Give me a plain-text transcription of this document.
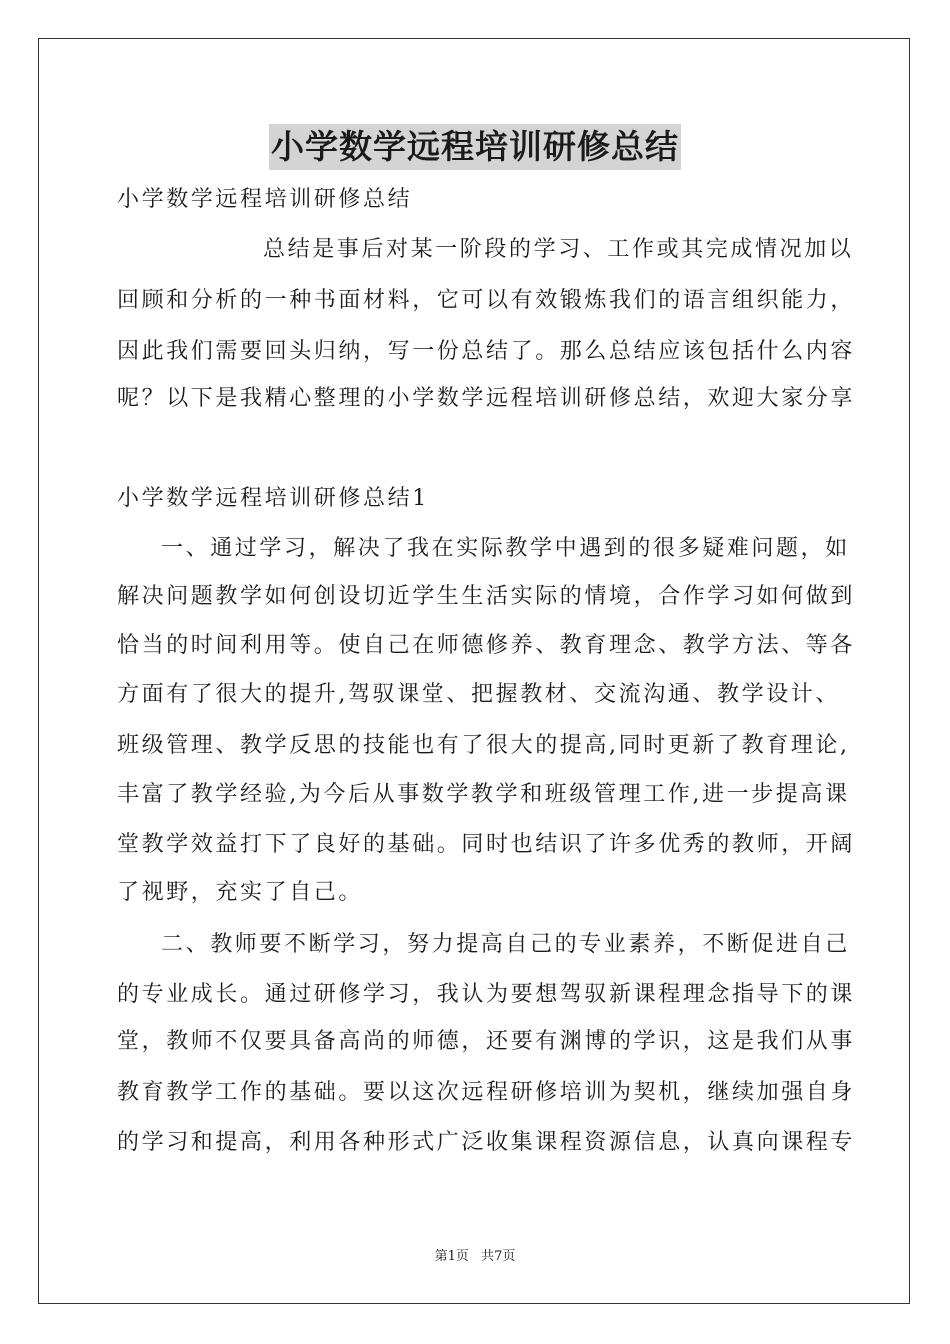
小学数学远程培训研修总结
小学数学远程培训研修总结
总结是事后对某一阶段的学习、工作或其完成情况加以
回顾和分析的一种书面材料，它可以有效锻炼我们的语言组织能力，
因此我们需要回头归纳，写一份总结了。那么总结应该包括什么内容
呢？以下是我精心整理的小学数学远程培训研修总结，欢迎大家分享
小学数学远程培训研修总结1
一、通过学习，解决了我在实际教学中遇到的很多疑难问题，如
解决问题教学如何创设切近学生生活实际的情境，合作学习如何做到
恰当的时间利用等。使自己在师德修养、教育理念、教学方法、等各
方面有了很大的提升,驾驭课堂、把握教材、交流沟通、教学设计、
班级管理、教学反思的技能也有了很大的提高,同时更新了教育理论,
丰富了教学经验,为今后从事数学教学和班级管理工作,进一步提高课
堂教学效益打下了良好的基础。同时也结识了许多优秀的教师，开阔
了视野，充实了自己。
二、教师要不断学习，努力提高自己的专业素养，不断促进自己
的专业成长。通过研修学习，我认为要想驾驭新课程理念指导下的课
堂，教师不仅要具备高尚的师德，还要有渊博的学识，这是我们从事
教育教学工作的基础。要以这次远程研修培训为契机，继续加强自身
的学习和提高，利用各种形式广泛收集课程资源信息，认真向课程专
第1页 共7页
